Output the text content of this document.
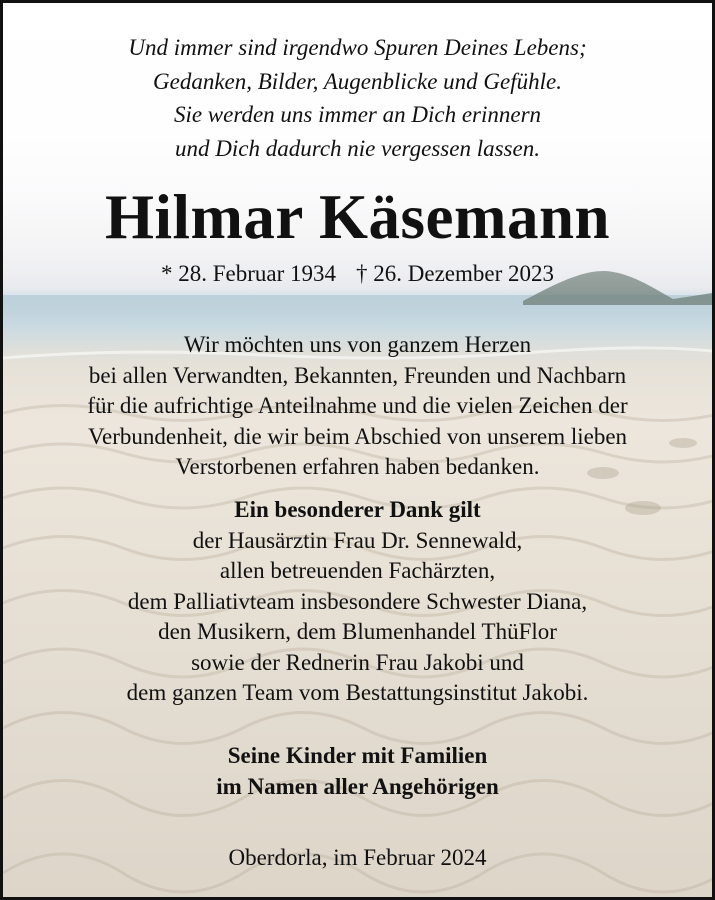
Und immer sind irgendwo Spuren Deines Lebens;
Gedanken, Bilder, Augenblicke und Gefühle.
Sie werden uns immer an Dich erinnern
und Dich dadurch nie vergessen lassen.

Hilmar Käsemann
* 28. Februar 1934 † 26. Dezember 2023

Wir möchten uns von ganzem Herzen
bei allen Verwandten, Bekannten, Freunden und Nachbarn
für die aufrichtige Anteilnahme und die vielen Zeichen der
Verbundenheit, die wir beim Abschied von unserem lieben
Verstorbenen erfahren haben bedanken.

Ein besonderer Dank gilt
der Hausärztin Frau Dr. Sennewald,
allen betreuenden Fachärzten,
dem Palliativteam insbesondere Schwester Diana,
den Musikern, dem Blumenhandel ThüFlor
sowie der Rednerin Frau Jakobi und
dem ganzen Team vom Bestattungsinstitut Jakobi.

Seine Kinder mit Familien
im Namen aller Angehörigen

Oberdorla, im Februar 2024
